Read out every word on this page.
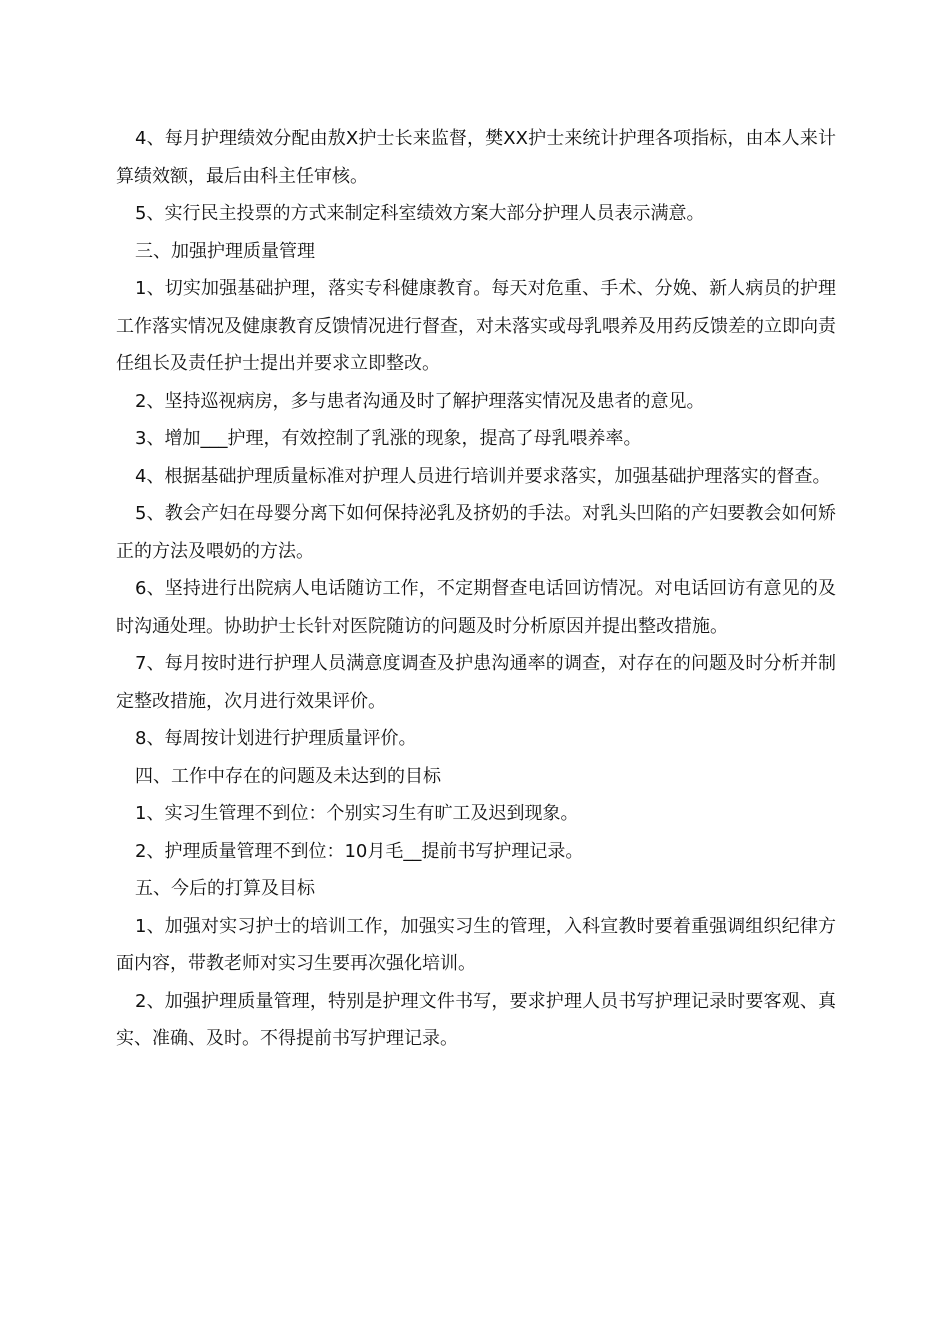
4、每月护理绩效分配由敖X护士长来监督，樊XX护士来统计护理各项指标，由本人来计算绩效额，最后由科主任审核。

5、实行民主投票的方式来制定科室绩效方案大部分护理人员表示满意。

三、加强护理质量管理

1、切实加强基础护理，落实专科健康教育。每天对危重、手术、分娩、新人病员的护理工作落实情况及健康教育反馈情况进行督查，对未落实或母乳喂养及用药反馈差的立即向责任组长及责任护士提出并要求立即整改。

2、坚持巡视病房，多与患者沟通及时了解护理落实情况及患者的意见。

3、增加___护理，有效控制了乳涨的现象，提高了母乳喂养率。

4、根据基础护理质量标准对护理人员进行培训并要求落实，加强基础护理落实的督查。

5、教会产妇在母婴分离下如何保持泌乳及挤奶的手法。对乳头凹陷的产妇要教会如何矫正的方法及喂奶的方法。

6、坚持进行出院病人电话随访工作，不定期督查电话回访情况。对电话回访有意见的及时沟通处理。协助护士长针对医院随访的问题及时分析原因并提出整改措施。

7、每月按时进行护理人员满意度调查及护患沟通率的调查，对存在的问题及时分析并制定整改措施，次月进行效果评价。

8、每周按计划进行护理质量评价。

四、工作中存在的问题及未达到的目标

1、实习生管理不到位：个别实习生有旷工及迟到现象。

2、护理质量管理不到位：10月毛__提前书写护理记录。

五、今后的打算及目标

1、加强对实习护士的培训工作，加强实习生的管理，入科宣教时要着重强调组织纪律方面内容，带教老师对实习生要再次强化培训。

2、加强护理质量管理，特别是护理文件书写，要求护理人员书写护理记录时要客观、真实、准确、及时。不得提前书写护理记录。
